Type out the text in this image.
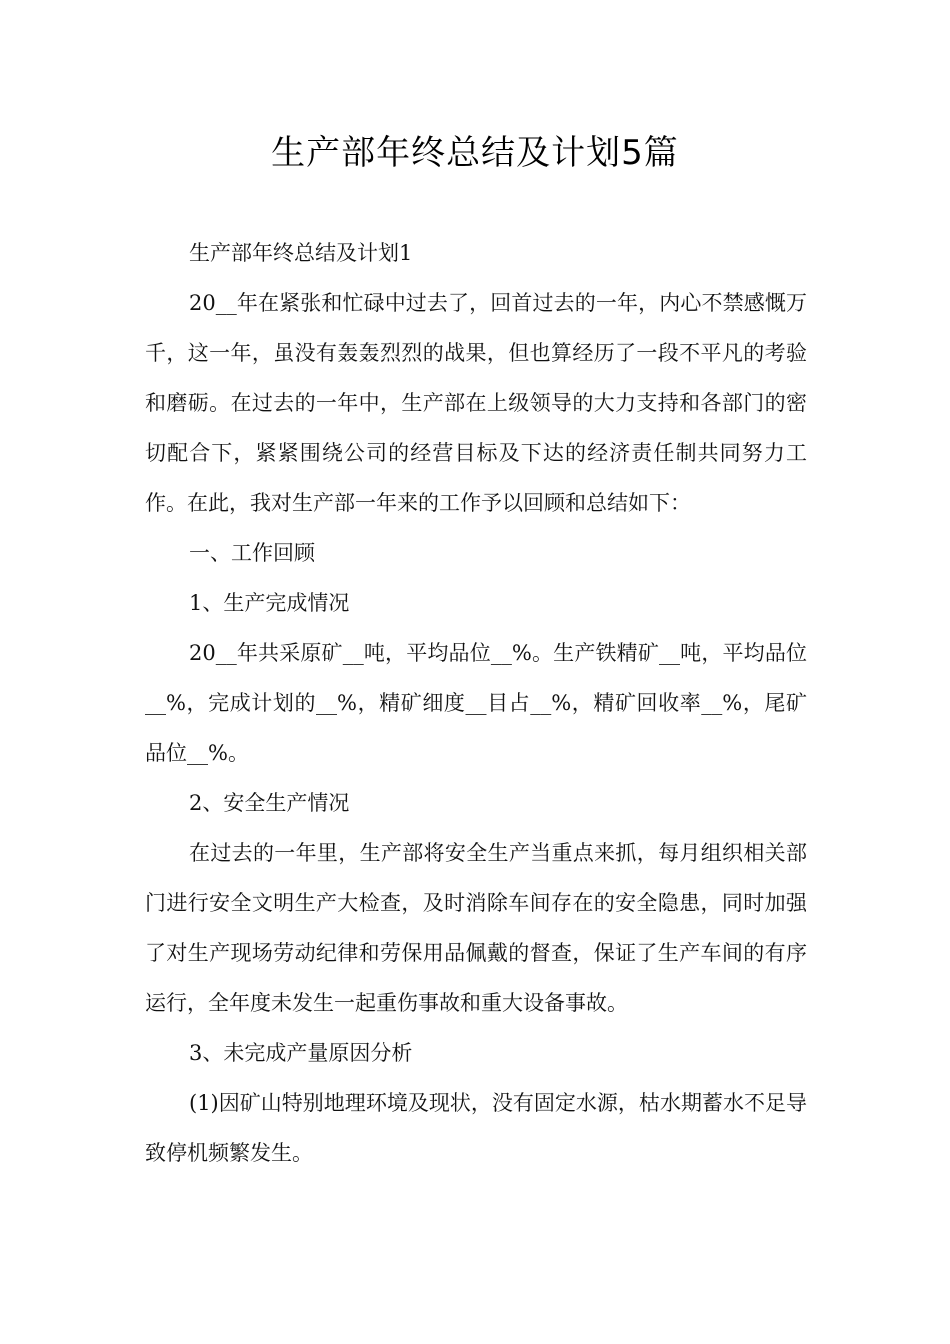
生产部年终总结及计划5篇

生产部年终总结及计划1

20__年在紧张和忙碌中过去了，回首过去的一年，内心不禁感慨万千，这一年，虽没有轰轰烈烈的战果，但也算经历了一段不平凡的考验和磨砺。在过去的一年中，生产部在上级领导的大力支持和各部门的密切配合下，紧紧围绕公司的经营目标及下达的经济责任制共同努力工作。在此，我对生产部一年来的工作予以回顾和总结如下：

一、工作回顾

1、生产完成情况

20__年共采原矿__吨，平均品位__%。生产铁精矿__吨，平均品位__%，完成计划的__%，精矿细度__目占__%，精矿回收率__%，尾矿品位__%。

2、安全生产情况

在过去的一年里，生产部将安全生产当重点来抓，每月组织相关部门进行安全文明生产大检查，及时消除车间存在的安全隐患，同时加强了对生产现场劳动纪律和劳保用品佩戴的督查，保证了生产车间的有序运行，全年度未发生一起重伤事故和重大设备事故。

3、未完成产量原因分析

(1)因矿山特别地理环境及现状，没有固定水源，枯水期蓄水不足导致停机频繁发生。
